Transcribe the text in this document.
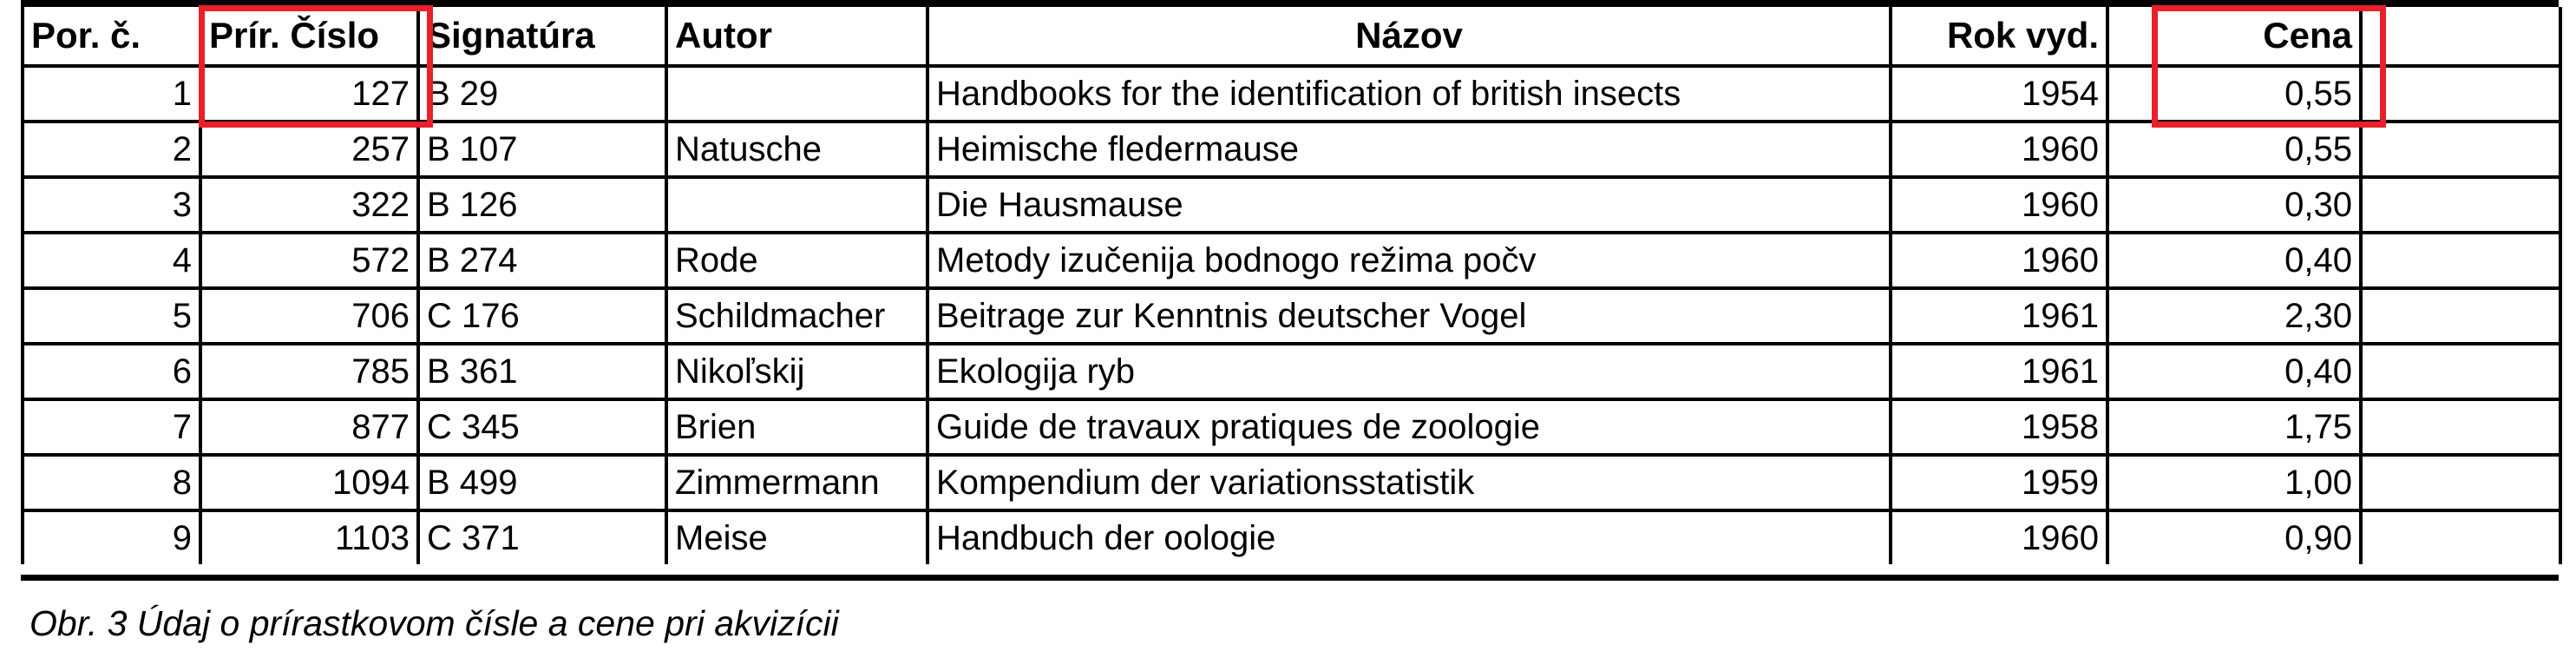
Por. č.	Prír. Číslo	Signatúra	Autor	Názov	Rok vyd.	Cena	
1	127	B 29		Handbooks for the identification of british insects	1954	0,55	
2	257	B 107	Natusche	Heimische fledermause	1960	0,55	
3	322	B 126		Die Hausmause	1960	0,30	
4	572	B 274	Rode	Metody izučenija bodnogo režima počv	1960	0,40	
5	706	C 176	Schildmacher	Beitrage zur Kenntnis deutscher Vogel	1961	2,30	
6	785	B 361	Nikoľskij	Ekologija ryb	1961	0,40	
7	877	C 345	Brien	Guide de travaux pratiques de zoologie	1958	1,75	
8	1094	B 499	Zimmermann	Kompendium der variationsstatistik	1959	1,00	
9	1103	C 371	Meise	Handbuch der oologie	1960	0,90	
Obr. 3 Údaj o prírastkovom čísle a cene pri akvizícii
